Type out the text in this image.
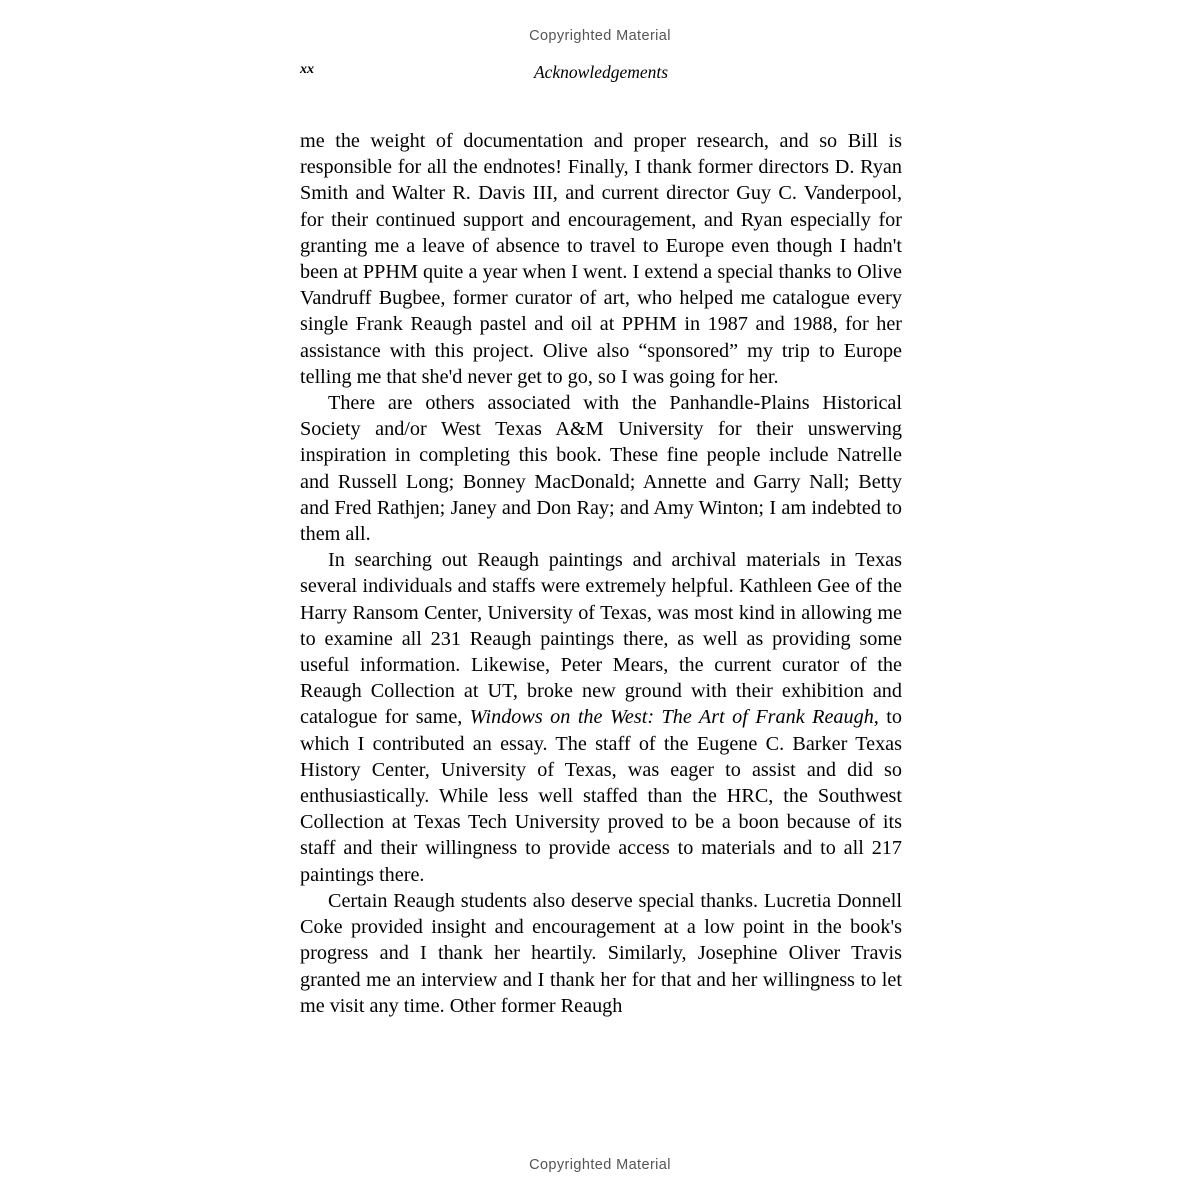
Copyrighted Material
xx	Acknowledgements

me the weight of documentation and proper research, and so Bill is responsible for all the endnotes! Finally, I thank former directors D. Ryan Smith and Walter R. Davis III, and current director Guy C. Vanderpool, for their continued support and encouragement, and Ryan especially for granting me a leave of absence to travel to Europe even though I hadn't been at PPHM quite a year when I went. I extend a special thanks to Olive Vandruff Bugbee, former curator of art, who helped me catalogue every single Frank Reaugh pastel and oil at PPHM in 1987 and 1988, for her assistance with this project. Olive also “sponsored” my trip to Europe telling me that she'd never get to go, so I was going for her.

There are others associated with the Panhandle-Plains Historical Society and/or West Texas A&M University for their unswerving inspiration in completing this book. These fine people include Natrelle and Russell Long; Bonney MacDonald; Annette and Garry Nall; Betty and Fred Rathjen; Janey and Don Ray; and Amy Winton; I am indebted to them all.

In searching out Reaugh paintings and archival materials in Texas several individuals and staffs were extremely helpful. Kathleen Gee of the Harry Ransom Center, University of Texas, was most kind in allowing me to examine all 231 Reaugh paintings there, as well as providing some useful information. Likewise, Peter Mears, the current curator of the Reaugh Collection at UT, broke new ground with their exhibition and catalogue for same, Windows on the West: The Art of Frank Reaugh, to which I contributed an essay. The staff of the Eugene C. Barker Texas History Center, University of Texas, was eager to assist and did so enthusiastically. While less well staffed than the HRC, the Southwest Collection at Texas Tech University proved to be a boon because of its staff and their willingness to provide access to materials and to all 217 paintings there.

Certain Reaugh students also deserve special thanks. Lucretia Donnell Coke provided insight and encouragement at a low point in the book's progress and I thank her heartily. Similarly, Josephine Oliver Travis granted me an interview and I thank her for that and her willingness to let me visit any time. Other former Reaugh

Copyrighted Material
